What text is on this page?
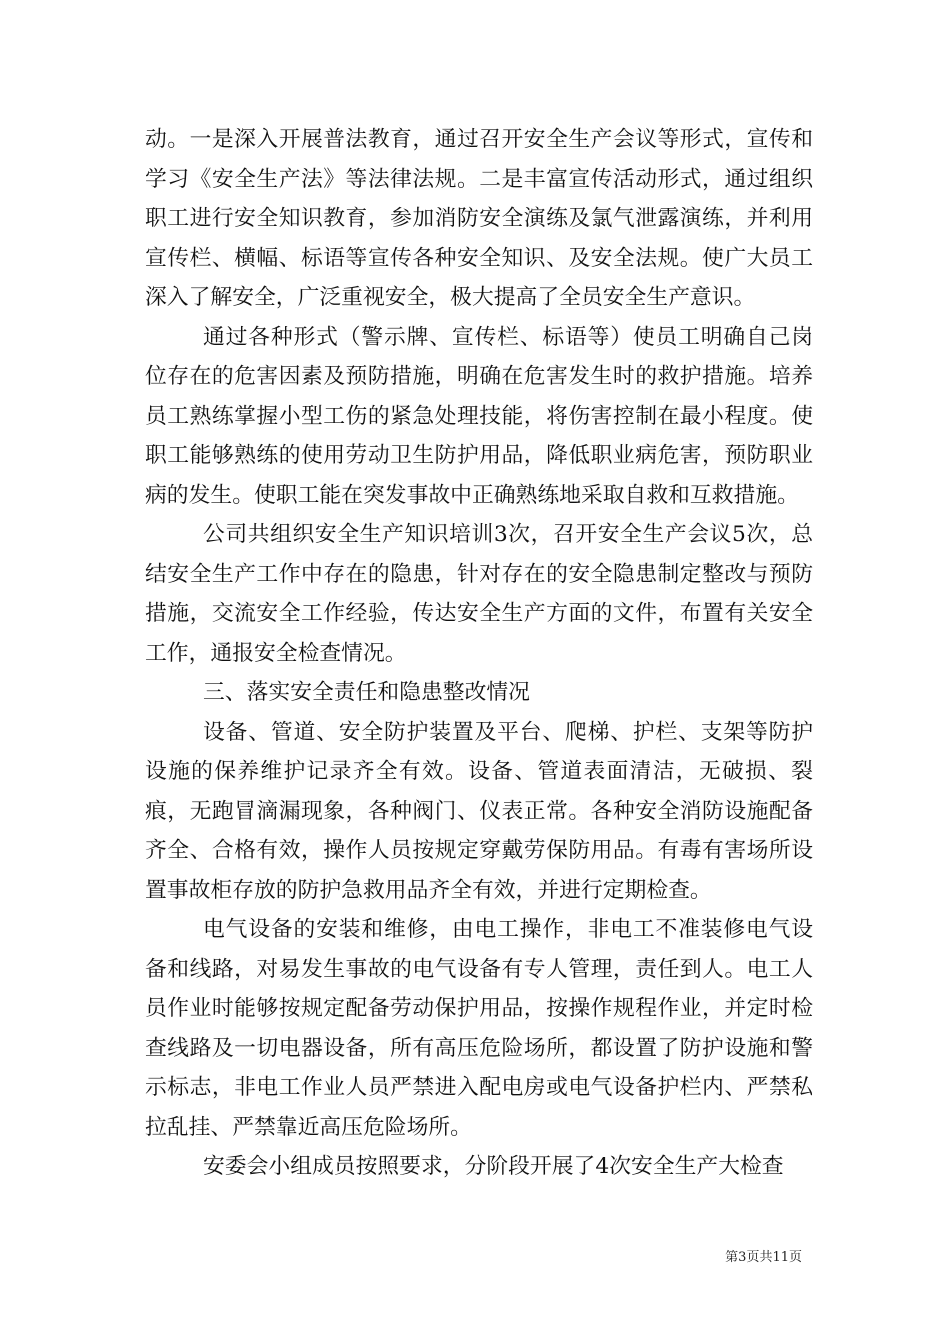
动。一是深入开展普法教育，通过召开安全生产会议等形式，宣传和学习《安全生产法》等法律法规。二是丰富宣传活动形式，通过组织职工进行安全知识教育，参加消防安全演练及氯气泄露演练，并利用宣传栏、横幅、标语等宣传各种安全知识、及安全法规。使广大员工深入了解安全，广泛重视安全，极大提高了全员安全生产意识。

通过各种形式（警示牌、宣传栏、标语等）使员工明确自己岗位存在的危害因素及预防措施，明确在危害发生时的救护措施。培养员工熟练掌握小型工伤的紧急处理技能，将伤害控制在最小程度。使职工能够熟练的使用劳动卫生防护用品，降低职业病危害，预防职业病的发生。使职工能在突发事故中正确熟练地采取自救和互救措施。

公司共组织安全生产知识培训3次，召开安全生产会议5次，总结安全生产工作中存在的隐患，针对存在的安全隐患制定整改与预防措施，交流安全工作经验，传达安全生产方面的文件，布置有关安全工作，通报安全检查情况。

三、落实安全责任和隐患整改情况

设备、管道、安全防护装置及平台、爬梯、护栏、支架等防护设施的保养维护记录齐全有效。设备、管道表面清洁，无破损、裂痕，无跑冒滴漏现象，各种阀门、仪表正常。各种安全消防设施配备齐全、合格有效，操作人员按规定穿戴劳保防用品。有毒有害场所设置事故柜存放的防护急救用品齐全有效，并进行定期检查。

电气设备的安装和维修，由电工操作，非电工不准装修电气设备和线路，对易发生事故的电气设备有专人管理，责任到人。电工人员作业时能够按规定配备劳动保护用品，按操作规程作业，并定时检查线路及一切电器设备，所有高压危险场所，都设置了防护设施和警示标志，非电工作业人员严禁进入配电房或电气设备护栏内、严禁私拉乱挂、严禁靠近高压危险场所。

安委会小组成员按照要求，分阶段开展了4次安全生产大检查

第3页共11页
